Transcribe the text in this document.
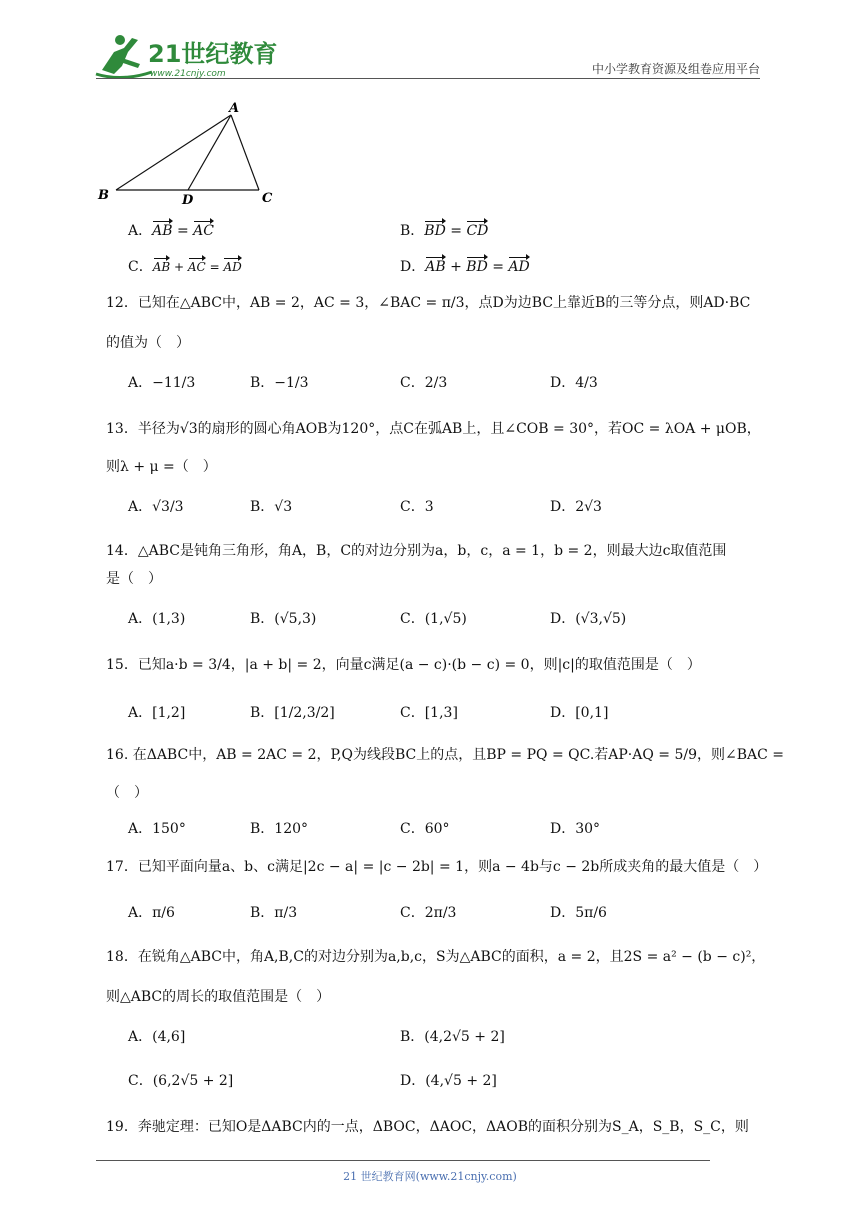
21世纪教育
www.21cnjy.com	中小学教育资源及组卷应用平台
A
B	D	C
A．AB = AC	B．BD = CD
C．AB + AC = AD	D．AB + BD = AD
12．已知在△ABC中，AB = 2，AC = 3，∠BAC = π/3，点D为边BC上靠近B的三等分点，则AD·BC
的值为（　）
A．−11/3	B．−1/3	C．2/3	D．4/3
13．半径为√3的扇形的圆心角AOB为120°，点C在弧AB上，且∠COB = 30°，若OC = λOA + μOB，
则λ + μ =（　）
A．√3/3	B．√3	C．3	D．2√3
14．△ABC是钝角三角形，角A，B，C的对边分别为a，b，c，a = 1，b = 2，则最大边c取值范围
是（　）
A．(1,3)	B．(√5,3)	C．(1,√5)	D．(√3,√5)
15．已知a·b = 3/4，|a + b| = 2，向量c满足(a − c)·(b − c) = 0，则|c|的取值范围是（　）
A．[1,2]	B．[1/2,3/2]	C．[1,3]	D．[0,1]
16. 在ΔABC中，AB = 2AC = 2，P,Q为线段BC上的点，且BP = PQ = QC.若AP·AQ = 5/9，则∠BAC =
（　）
A．150°	B．120°	C．60°	D．30°
17．已知平面向量a、b、c满足|2c − a| = |c − 2b| = 1，则a − 4b与c − 2b所成夹角的最大值是（　）
A．π/6	B．π/3	C．2π/3	D．5π/6
18．在锐角△ABC中，角A,B,C的对边分别为a,b,c，S为△ABC的面积，a = 2，且2S = a² − (b − c)²，
则△ABC的周长的取值范围是（　）
A．(4,6]	B．(4,2√5 + 2]
C．(6,2√5 + 2]	D．(4,√5 + 2]
19．奔驰定理：已知O是ΔABC内的一点，ΔBOC，ΔAOC，ΔAOB的面积分别为S_A，S_B，S_C，则
21 世纪教育网(www.21cnjy.com)
